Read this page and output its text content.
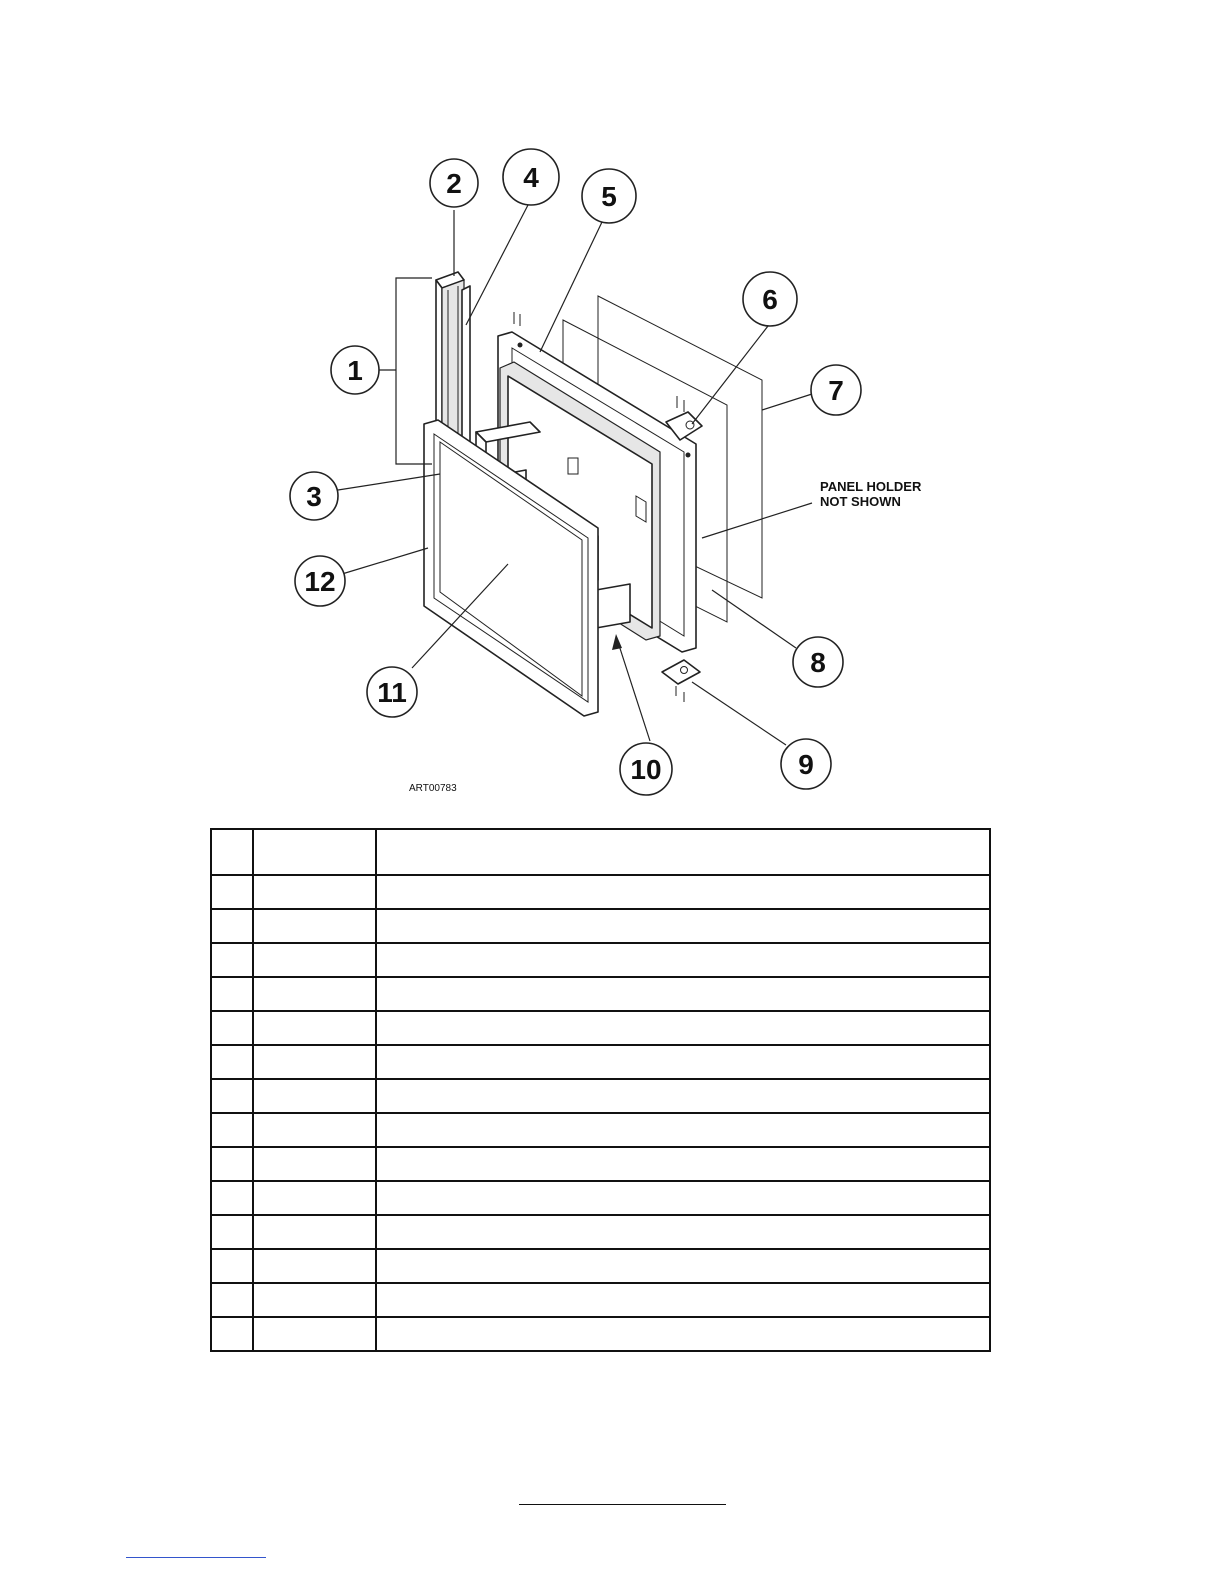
1
2
3
4
5
6
7
8
9
10
11
12
PANEL HOLDER
NOT SHOWN
ART00783
